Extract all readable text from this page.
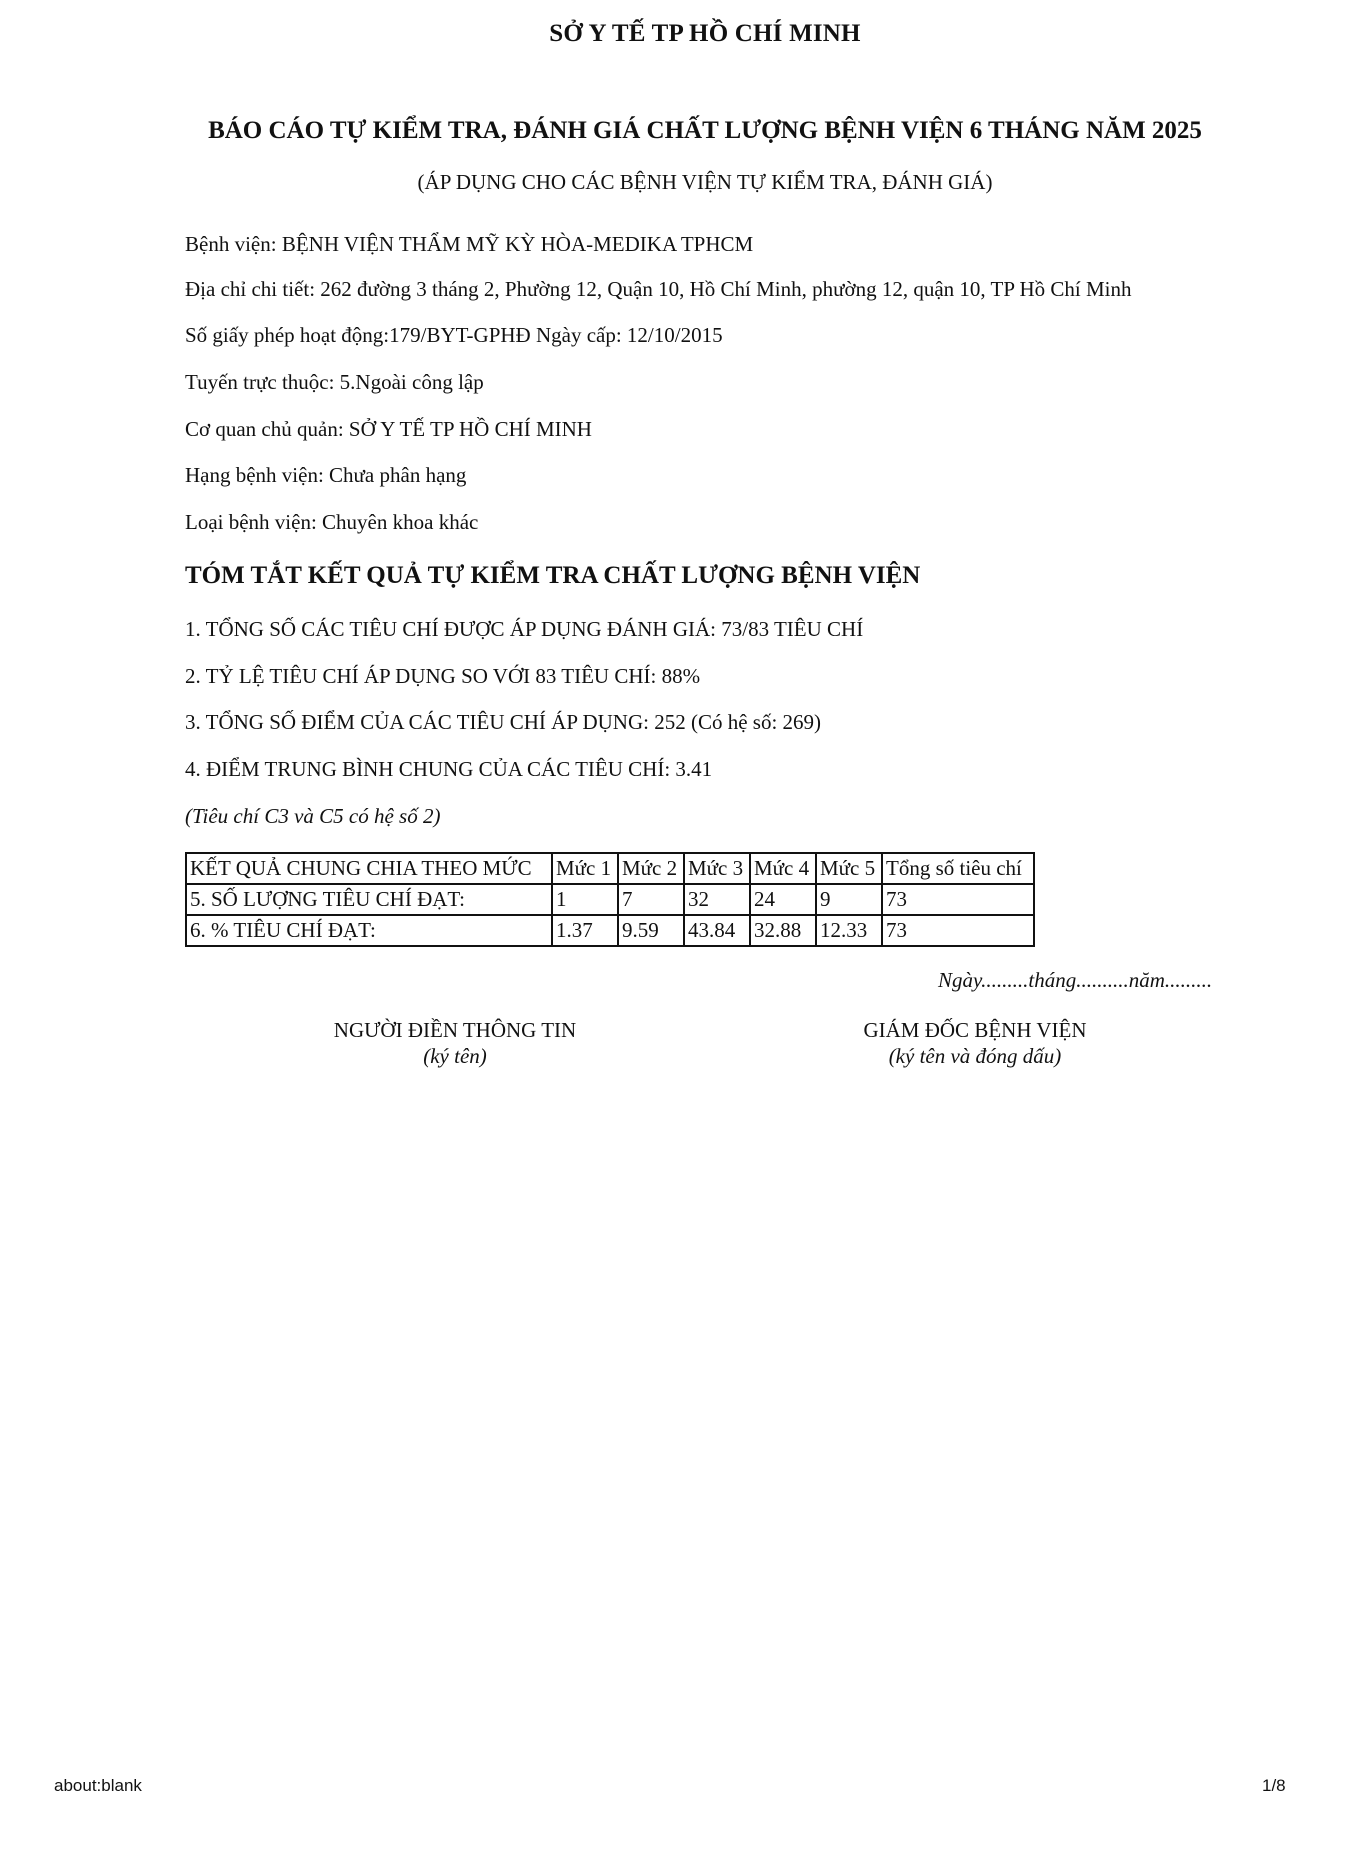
SỞ Y TẾ TP HỒ CHÍ MINH
BÁO CÁO TỰ KIỂM TRA, ĐÁNH GIÁ CHẤT LƯỢNG BỆNH VIỆN 6 THÁNG NĂM 2025
(ÁP DỤNG CHO CÁC BỆNH VIỆN TỰ KIỂM TRA, ĐÁNH GIÁ)
Bệnh viện: BỆNH VIỆN THẨM MỸ KỲ HÒA-MEDIKA TPHCM
Địa chỉ chi tiết: 262 đường 3 tháng 2, Phường 12, Quận 10, Hồ Chí Minh, phường 12, quận 10, TP Hồ Chí Minh
Số giấy phép hoạt động:179/BYT-GPHĐ Ngày cấp: 12/10/2015
Tuyến trực thuộc: 5.Ngoài công lập
Cơ quan chủ quản: SỞ Y TẾ TP HỒ CHÍ MINH
Hạng bệnh viện: Chưa phân hạng
Loại bệnh viện: Chuyên khoa khác
TÓM TẮT KẾT QUẢ TỰ KIỂM TRA CHẤT LƯỢNG BỆNH VIỆN
1. TỔNG SỐ CÁC TIÊU CHÍ ĐƯỢC ÁP DỤNG ĐÁNH GIÁ: 73/83 TIÊU CHÍ
2. TỶ LỆ TIÊU CHÍ ÁP DỤNG SO VỚI 83 TIÊU CHÍ: 88%
3. TỔNG SỐ ĐIỂM CỦA CÁC TIÊU CHÍ ÁP DỤNG: 252 (Có hệ số: 269)
4. ĐIỂM TRUNG BÌNH CHUNG CỦA CÁC TIÊU CHÍ: 3.41
(Tiêu chí C3 và C5 có hệ số 2)
KẾT QUẢ CHUNG CHIA THEO MỨC	Mức 1	Mức 2	Mức 3	Mức 4	Mức 5	Tổng số tiêu chí
5. SỐ LƯỢNG TIÊU CHÍ ĐẠT:	1	7	32	24	9	73
6. % TIÊU CHÍ ĐẠT:	1.37	9.59	43.84	32.88	12.33	73
Ngày.........tháng..........năm.........
NGƯỜI ĐIỀN THÔNG TIN
(ký tên)
GIÁM ĐỐC BỆNH VIỆN
(ký tên và đóng dấu)
about:blank	1/8
